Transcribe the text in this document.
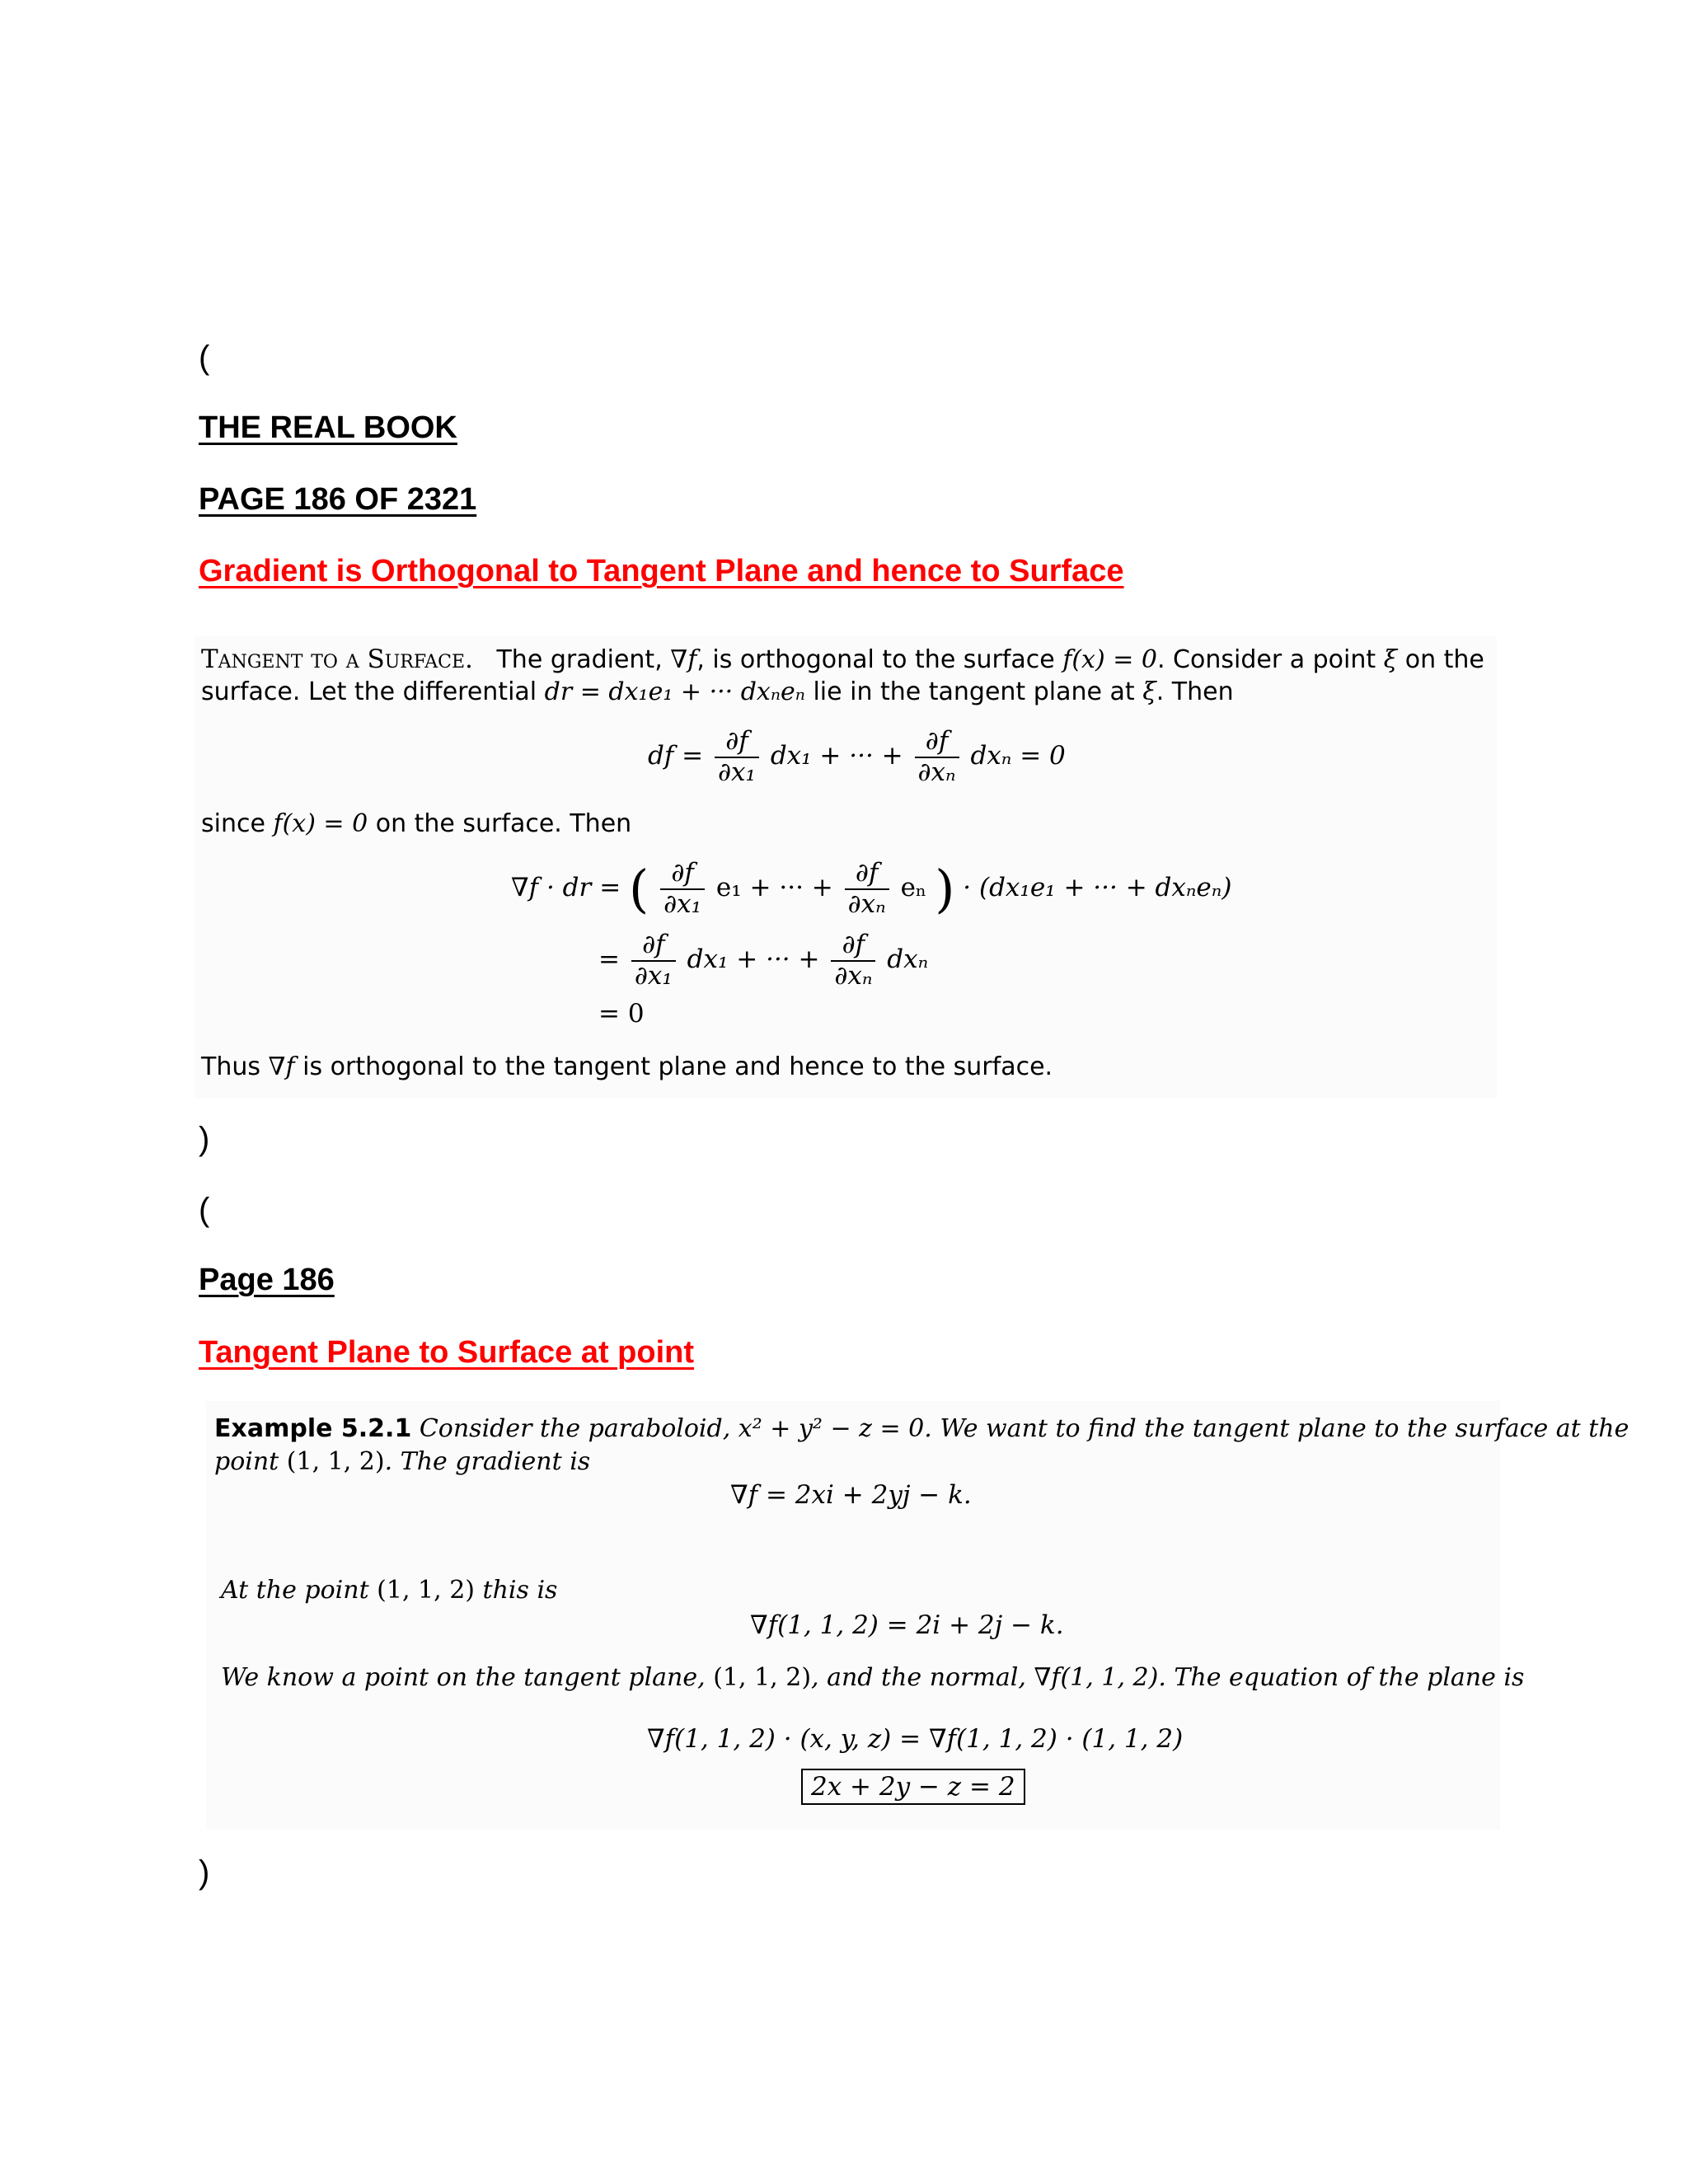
(

THE REAL BOOK
PAGE 186 OF 2321
Gradient is Orthogonal to Tangent Plane and hence to Surface
Tangent to a Surface. The gradient, ∇f, is orthogonal to the surface f(x) = 0. Consider a point ξ on the
surface. Let the differential dr = dx₁e₁ + ··· dxₙeₙ lie in the tangent plane at ξ. Then
df = $\frac{\partial f}{\text{∂x₁}} dx_1$ + ··· + $\frac{\partial f}{\text{∂xₙ}}$ dxₙ = 0
since f(x) = 0 on the surface. Then
∇f · dr = ( $\frac{\partial f}{\text{∂x₁}} e_1$ + ··· + $\frac{\partial f}{\text{∂xₙ}}$ eₙ ) · (dx₁e₁ + ··· + dxₙeₙ)
= $\frac{\partial f}{\text{∂x₁}} dx_1$ + ··· + $\frac{\partial f}{\text{∂xₙ}}$ dxₙ
= 0
Thus ∇f is orthogonal to the tangent plane and hence to the surface.

)

(

Page 186
Tangent Plane to Surface at point
Example 5.2.1 Consider the paraboloid, x² + y² − z = 0. We want to find the tangent plane to the surface at the
point (1, 1, 2). The gradient is
∇f = 2xi + 2yj − k.
At the point (1, 1, 2) this is
∇f(1, 1, 2) = 2i + 2j − k.
We know a point on the tangent plane, (1, 1, 2), and the normal, ∇f(1, 1, 2). The equation of the plane is
∇f(1, 1, 2) · (x, y, z) = ∇f(1, 1, 2) · (1, 1, 2)
2x + 2y − z = 2

)
